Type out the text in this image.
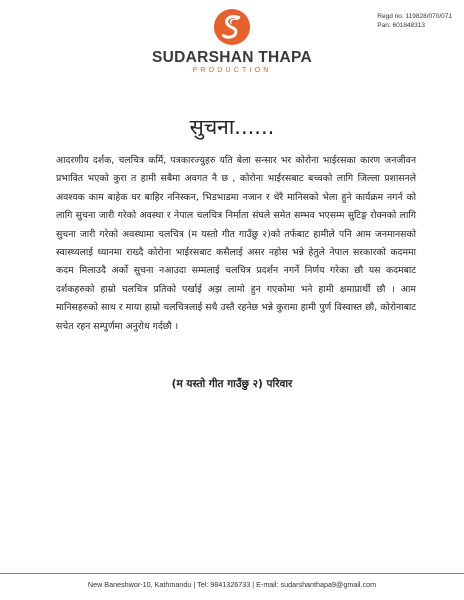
Regd no. 119828/070/071
Pan: 601848313
SUDARSHAN THAPA
PRODUCTION
सुचना......
आदरणीय दर्शक, चलचित्र कर्मि, पत्रकारज्युहरु यति बेला सन्सार भर कोरोना भाईरसका कारण जनजीवन प्रभावित भएको कुरा त हामी सबैमा अवगत नै छ , कोरोना भाईरसबाट बच्चको लागि जिल्ला प्रशासनले अवश्यक काम बाहेक घर बाहिर ननिस्कन, भिडभाडमा नजान र धेरै मानिसको भेला हुने कार्यक्रम नगर्न को लागि सुचना जारी गरेको अवस्था र नेपाल चलचित्र निर्माता संघले समेत सम्भव भएसम्म सुटिङ्ग रोक्नको लागि सुचना जारी गरेको अवस्थामा चलचित्र (म यस्तो गीत गाउँछु २)को तर्फबाट हामीले पनि आम जनमानसको स्वास्थ्यलाई ध्यानमा राख्दै कोरोना भाईरसबाट कसैलाई असर नहोस भन्ने हेतुले नेपाल सरकारको कदममा कदम मिलाउदै अर्को सुचना नआउदा सम्मलाई चलचित्र प्रदर्शन नगर्ने निर्णय गरेका छौ यस कदमबाट दर्शकहरुको हाम्रो चलचित्र प्रतिको पर्खाई अझ लामो हुन गएकोमा भने हामी क्षमाप्रार्थी छौ । आम मानिसहरुको साथ र माया हाम्रो चलचित्रलाई सधै उस्तै रहनेछ भन्ने कुरामा हामी पुर्ण विस्वास्त छौ, कोरोनाबाट सचेत रहन सम्पुर्णमा अनुरोध गर्दछौ ।
(म यस्तो गीत गाउँछु २) परिवार
New Baneshwor-10, Kathmandu | Tel: 9841326733 | E-mail: sudarshanthapa9@gmail.com
